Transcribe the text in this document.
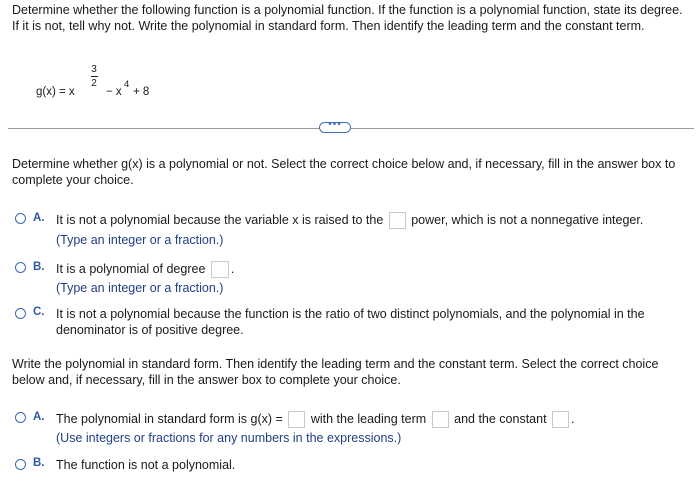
Determine whether the following function is a polynomial function. If the function is a polynomial function, state its degree. If it is not, tell why not. Write the polynomial in standard form. Then identify the leading term and the constant term.
g(x) = x
3
2
− x
4
+ 8
•••
Determine whether g(x) is a polynomial or not. Select the correct choice below and, if necessary, fill in the answer box to complete your choice.
A. It is not a polynomial because the variable x is raised to the power, which is not a nonnegative integer.
(Type an integer or a fraction.)
B. It is a polynomial of degree .
(Type an integer or a fraction.)
C. It is not a polynomial because the function is the ratio of two distinct polynomials, and the polynomial in the
denominator is of positive degree.
Write the polynomial in standard form. Then identify the leading term and the constant term. Select the correct choice below and, if necessary, fill in the answer box to complete your choice.
A. The polynomial in standard form is g(x) = with the leading term and the constant .
(Use integers or fractions for any numbers in the expressions.)
B. The function is not a polynomial.
